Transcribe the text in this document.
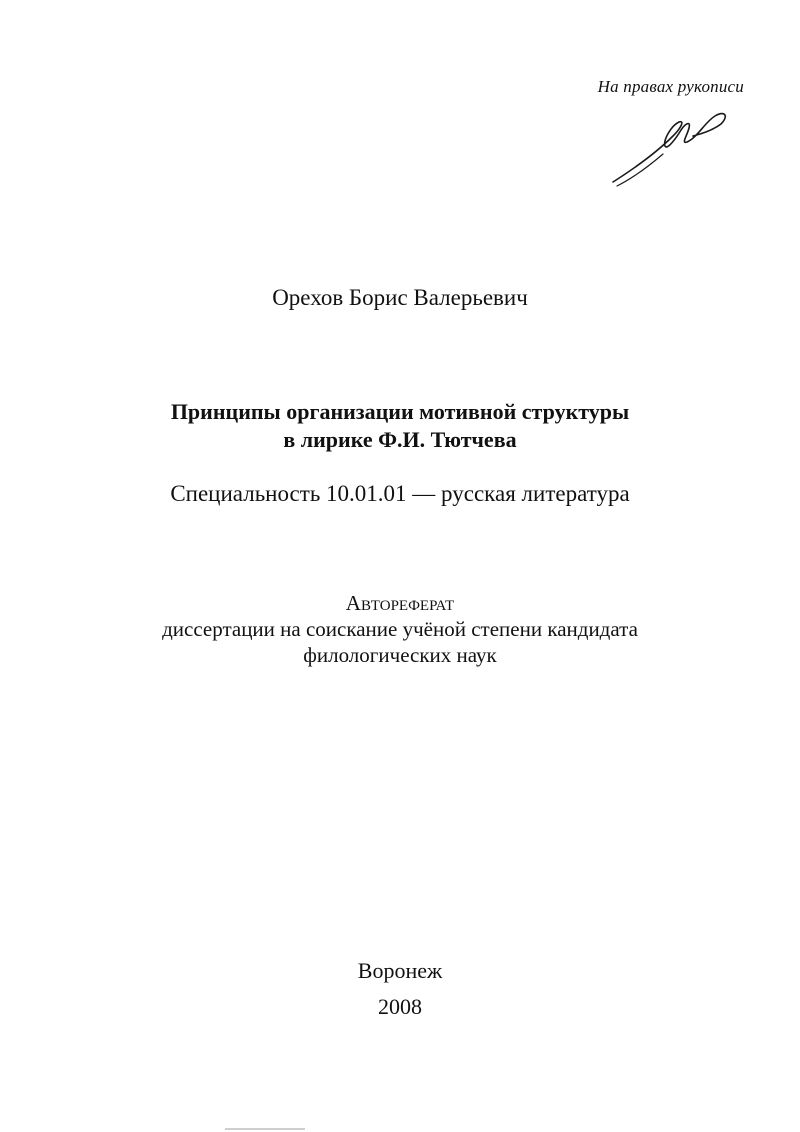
На правах рукописи
Орехов Борис Валерьевич
Принципы организации мотивной структуры
в лирике Ф.И. Тютчева
Специальность 10.01.01 — русская литература
Автореферат
диссертации на соискание учёной степени кандидата
филологических наук
Воронеж
2008
